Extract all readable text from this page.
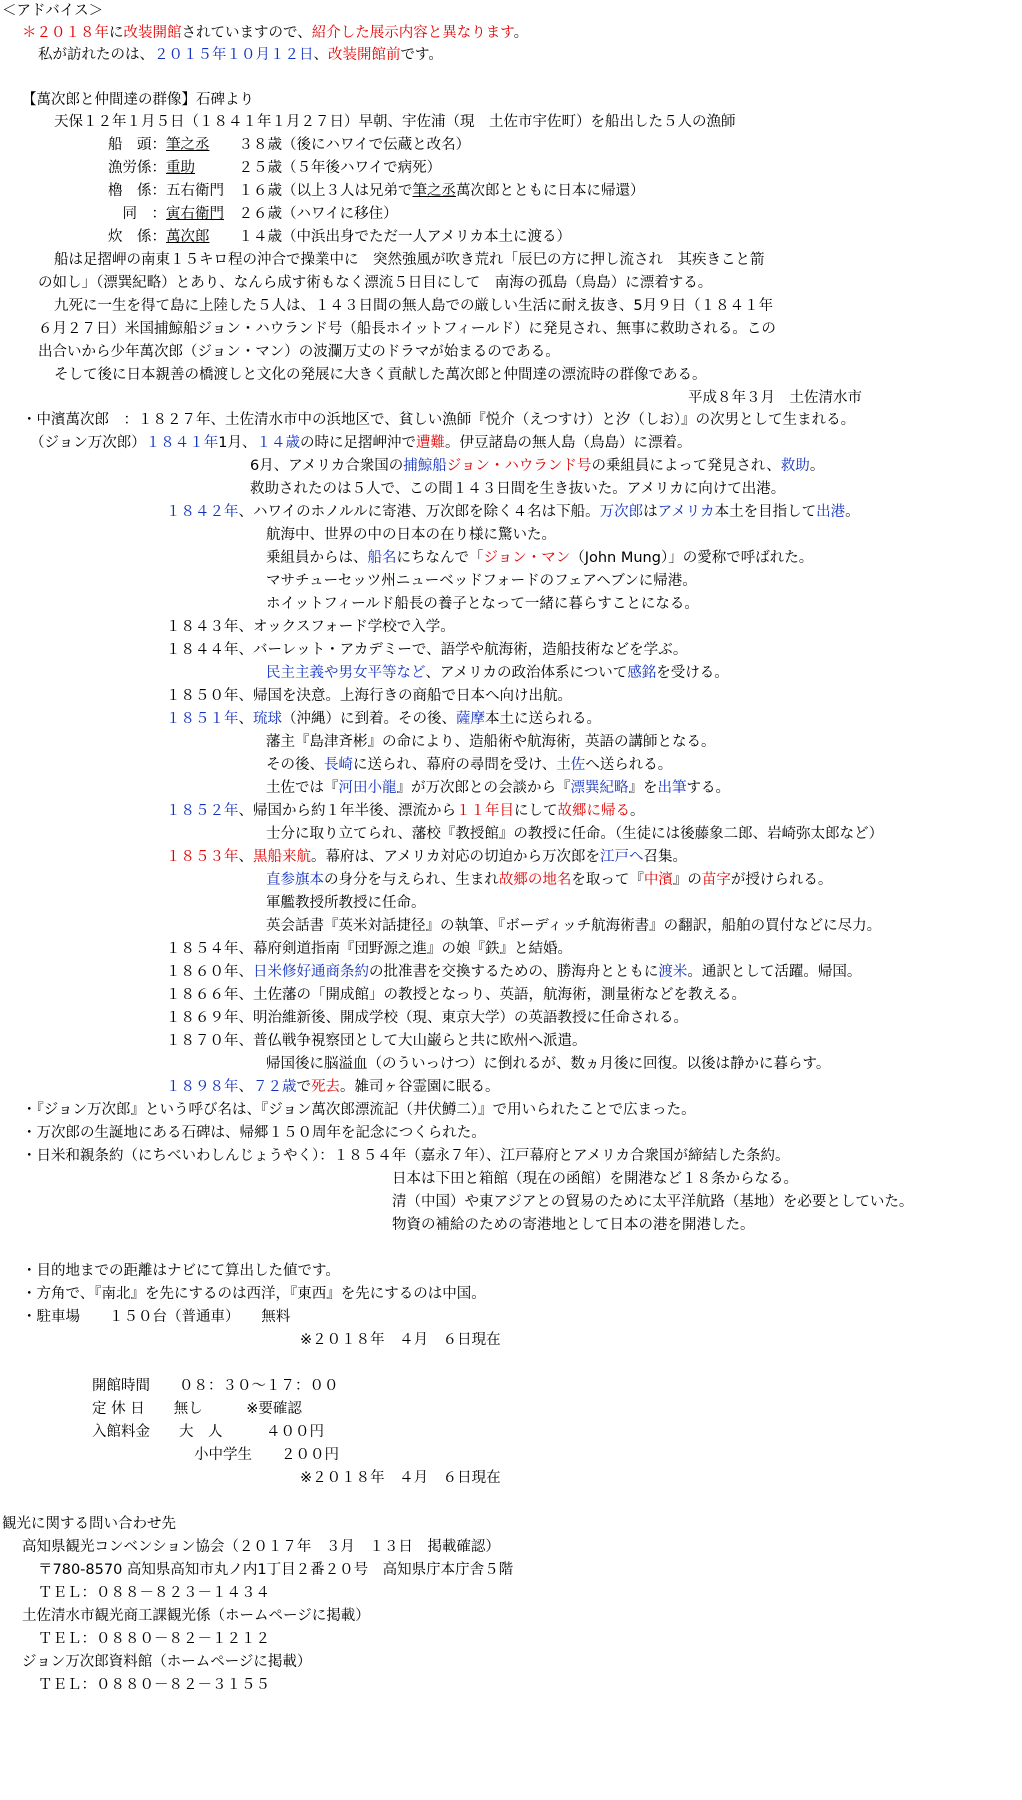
＜アドバイス＞
＊２０１８年に改装開館されていますので、紹介した展示内容と異なります。
私が訪れたのは、２０１５年１０月１２日、改装開館前です。
【萬次郎と仲間達の群像】石碑より
天保１２年１月５日（１８４１年１月２７日）早朝、宇佐浦（現　土佐市宇佐町）を船出した５人の漁師
船　頭：筆之丞　　３８歳（後にハワイで伝蔵と改名）
漁労係：重助　　　２５歳（５年後ハワイで病死）
櫓　係：五右衛門　１６歳（以上３人は兄弟で筆之丞萬次郎とともに日本に帰還）
　同　：寅右衛門　２６歳（ハワイに移住）
炊　係：萬次郎　　１４歳（中浜出身でただ一人アメリカ本土に渡る）
船は足摺岬の南東１５キロ程の沖合で操業中に　突然強風が吹き荒れ「辰巳の方に押し流され　其疾きこと箭
の如し」（漂巽紀略）とあり、なんら成す術もなく漂流５日目にして　南海の孤島（鳥島）に漂着する。
九死に一生を得て島に上陸した５人は、１４３日間の無人島での厳しい生活に耐え抜き、5月９日（１８４１年
６月２７日）米国捕鯨船ジョン・ハウランド号（船長ホイットフィールド）に発見され、無事に救助される。この
出合いから少年萬次郎（ジョン・マン）の波瀾万丈のドラマが始まるのである。
そして後に日本親善の橋渡しと文化の発展に大きく貢献した萬次郎と仲間達の漂流時の群像である。
平成８年３月　土佐清水市
・中濱萬次郎　：１８２７年、土佐清水市中の浜地区で、貧しい漁師『悦介（えつすけ）と汐（しお）』の次男として生まれる。
（ジョン万次郎）１８４１年1月、１４歳の時に足摺岬沖で遭難。伊豆諸島の無人島（鳥島）に漂着。
6月、アメリカ合衆国の捕鯨船ジョン・ハウランド号の乗組員によって発見され、救助。
救助されたのは５人で、この間１４３日間を生き抜いた。アメリカに向けて出港。
１８４２年、ハワイのホノルルに寄港、万次郎を除く４名は下船。万次郎はアメリカ本土を目指して出港。
航海中、世界の中の日本の在り様に驚いた。
乗組員からは、船名にちなんで「ジョン・マン（John Mung）」の愛称で呼ばれた。
マサチューセッツ州ニューベッドフォードのフェアヘブンに帰港。
ホイットフィールド船長の養子となって一緒に暮らすことになる。
１８４３年、オックスフォード学校で入学。
１８４４年、バーレット・アカデミーで、語学や航海術，造船技術などを学ぶ。
民主主義や男女平等など、アメリカの政治体系について感銘を受ける。
１８５０年、帰国を決意。上海行きの商船で日本へ向け出航。
１８５１年、琉球（沖縄）に到着。その後、薩摩本土に送られる。
藩主『島津斉彬』の命により、造船術や航海術，英語の講師となる。
その後、長崎に送られ、幕府の尋問を受け、土佐へ送られる。
土佐では『河田小龍』が万次郎との会談から『漂巽紀略』を出筆する。
１８５２年、帰国から約１年半後、漂流から１１年目にして故郷に帰る。
士分に取り立てられ、藩校『教授館』の教授に任命。（生徒には後藤象二郎、岩崎弥太郎など）
１８５３年、黒船来航。幕府は、アメリカ対応の切迫から万次郎を江戸へ召集。
直参旗本の身分を与えられ、生まれ故郷の地名を取って『中濱』の苗字が授けられる。
軍艦教授所教授に任命。
英会話書『英米対話捷径』の執筆、『ボーディッチ航海術書』の翻訳，船舶の買付などに尽力。
１８５４年、幕府剣道指南『団野源之進』の娘『鉄』と結婚。
１８６０年、日米修好通商条約の批准書を交換するための、勝海舟とともに渡米。通訳として活躍。帰国。
１８６６年、土佐藩の「開成館」の教授となっり、英語，航海術，測量術などを教える。
１８６９年、明治維新後、開成学校（現、東京大学）の英語教授に任命される。
１８７０年、普仏戦争視察団として大山巌らと共に欧州へ派遣。
帰国後に脳溢血（のういっけつ）に倒れるが、数ヵ月後に回復。以後は静かに暮らす。
１８９８年、７２歳で死去。雑司ヶ谷霊園に眠る。
・『ジョン万次郎』という呼び名は、『ジョン萬次郎漂流記（井伏鱒二）』で用いられたことで広まった。
・万次郎の生誕地にある石碑は、帰郷１５０周年を記念につくられた。
・日米和親条約（にちべいわしんじょうやく）：１８５４年（嘉永７年）、江戸幕府とアメリカ合衆国が締結した条約。
日本は下田と箱館（現在の函館）を開港など１８条からなる。
清（中国）や東アジアとの貿易のために太平洋航路（基地）を必要としていた。
物資の補給のための寄港地として日本の港を開港した。
・目的地までの距離はナビにて算出した値です。
・方角で、『南北』を先にするのは西洋，『東西』を先にするのは中国。
・駐車場　　１５０台（普通車）　　無料
※２０１８年　４月　６日現在
開館時間　　０８：３０～１７：００
定 休 日　　無し　　　※要確認
入館料金　　大　人　　　４００円
小中学生　　２００円
※２０１８年　４月　６日現在
観光に関する問い合わせ先
高知県観光コンベンション協会（２０１７年　３月　１３日　掲載確認）
〒780-8570 高知県高知市丸ノ内1丁目２番２０号　高知県庁本庁舎５階
ＴＥＬ：０８８－８２３－１４３４
土佐清水市観光商工課観光係（ホームページに掲載）
ＴＥＬ：０８８０－８２－１２１２
ジョン万次郎資料館（ホームページに掲載）
ＴＥＬ：０８８０－８２－３１５５
